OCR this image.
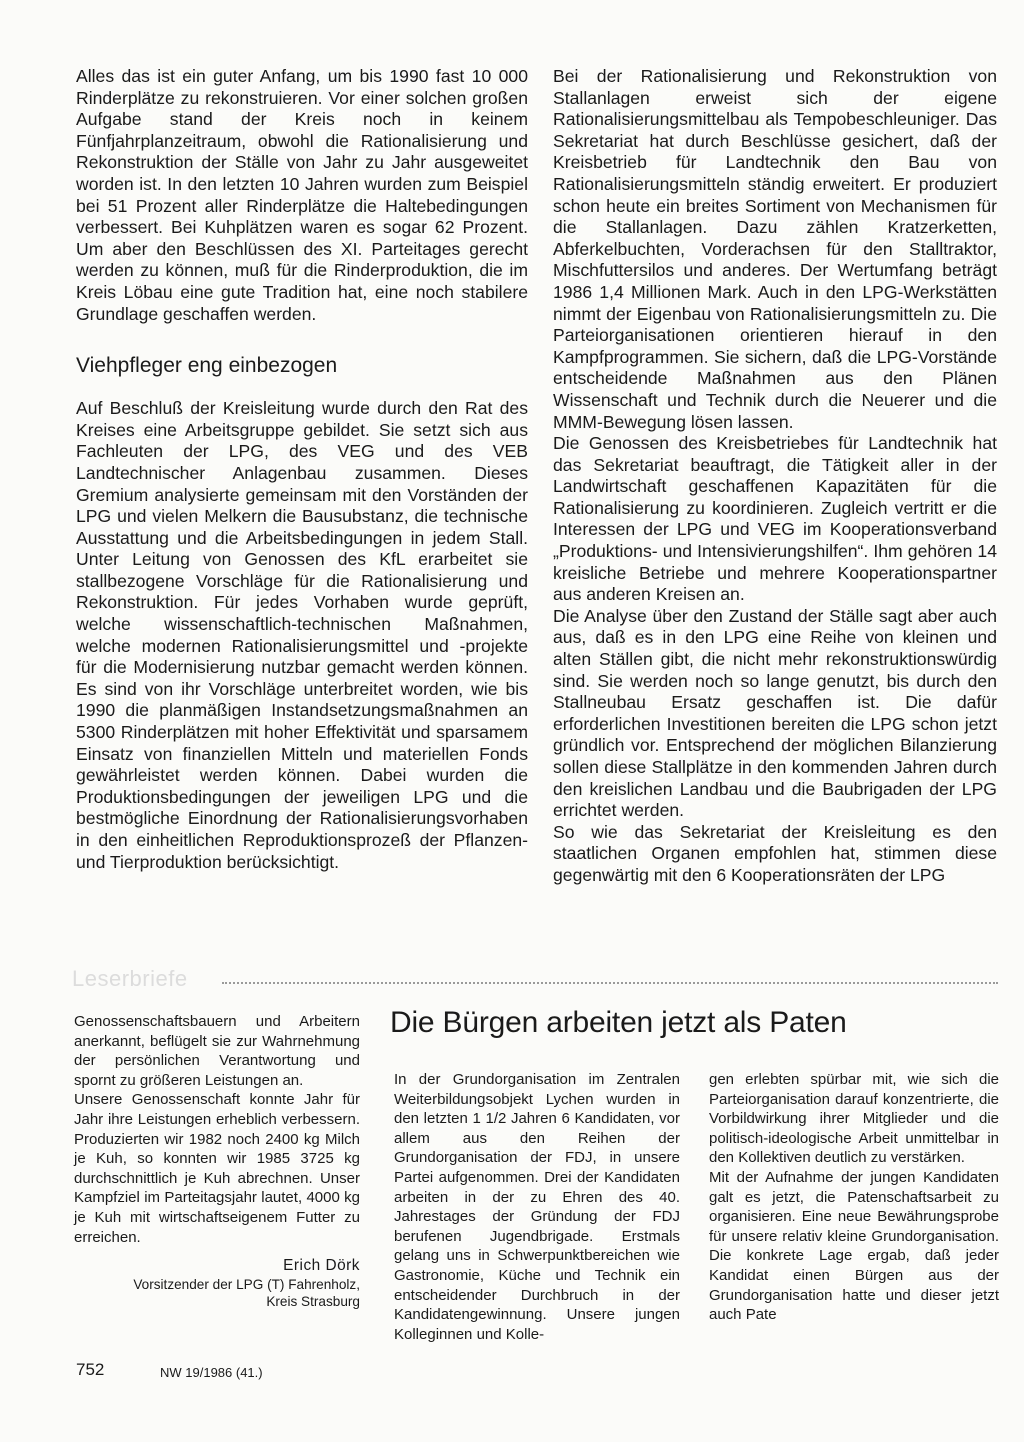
Alles das ist ein guter Anfang, um bis 1990 fast 10 000 Rinderplätze zu rekonstruieren. Vor einer solchen großen Aufgabe stand der Kreis noch in keinem Fünfjahrplanzeitraum, obwohl die Rationalisierung und Rekonstruktion der Ställe von Jahr zu Jahr ausgeweitet worden ist. In den letzten 10 Jahren wurden zum Beispiel bei 51 Prozent aller Rinderplätze die Haltebedingungen verbessert. Bei Kuhplätzen waren es sogar 62 Prozent. Um aber den Beschlüssen des XI. Parteitages gerecht werden zu können, muß für die Rinderproduktion, die im Kreis Löbau eine gute Tradition hat, eine noch stabilere Grundlage geschaffen werden.

Viehpfleger eng einbezogen

Auf Beschluß der Kreisleitung wurde durch den Rat des Kreises eine Arbeitsgruppe gebildet. Sie setzt sich aus Fachleuten der LPG, des VEG und des VEB Landtechnischer Anlagenbau zusammen. Dieses Gremium analysierte gemeinsam mit den Vorständen der LPG und vielen Melkern die Bausubstanz, die technische Ausstattung und die Arbeitsbedingungen in jedem Stall. Unter Leitung von Genossen des KfL erarbeitet sie stallbezogene Vorschläge für die Rationalisierung und Rekonstruktion. Für jedes Vorhaben wurde geprüft, welche wissenschaftlich-technischen Maßnahmen, welche modernen Rationalisierungsmittel und -projekte für die Modernisierung nutzbar gemacht werden können. Es sind von ihr Vorschläge unterbreitet worden, wie bis 1990 die planmäßigen Instandsetzungsmaßnahmen an 5300 Rinderplätzen mit hoher Effektivität und sparsamem Einsatz von finanziellen Mitteln und materiellen Fonds gewährleistet werden können. Dabei wurden die Produktionsbedingungen der jeweiligen LPG und die bestmögliche Einordnung der Rationalisierungsvorhaben in den einheitlichen Reproduktionsprozeß der Pflanzen- und Tierproduktion berücksichtigt.

Bei der Rationalisierung und Rekonstruktion von Stallanlagen erweist sich der eigene Rationalisierungsmittelbau als Tempobeschleuniger. Das Sekretariat hat durch Beschlüsse gesichert, daß der Kreisbetrieb für Landtechnik den Bau von Rationalisierungsmitteln ständig erweitert. Er produziert schon heute ein breites Sortiment von Mechanismen für die Stallanlagen. Dazu zählen Kratzerketten, Abferkelbuchten, Vorderachsen für den Stalltraktor, Mischfuttersilos und anderes. Der Wertumfang beträgt 1986 1,4 Millionen Mark. Auch in den LPG-Werkstätten nimmt der Eigenbau von Rationalisierungsmitteln zu. Die Parteiorganisationen orientieren hierauf in den Kampfprogrammen. Sie sichern, daß die LPG-Vorstände entscheidende Maßnahmen aus den Plänen Wissenschaft und Technik durch die Neuerer und die MMM-Bewegung lösen lassen.

Die Genossen des Kreisbetriebes für Landtechnik hat das Sekretariat beauftragt, die Tätigkeit aller in der Landwirtschaft geschaffenen Kapazitäten für die Rationalisierung zu koordinieren. Zugleich vertritt er die Interessen der LPG und VEG im Kooperationsverband „Produktions- und Intensivierungshilfen“. Ihm gehören 14 kreisliche Betriebe und mehrere Kooperationspartner aus anderen Kreisen an.

Die Analyse über den Zustand der Ställe sagt aber auch aus, daß es in den LPG eine Reihe von kleinen und alten Ställen gibt, die nicht mehr rekonstruktionswürdig sind. Sie werden noch so lange genutzt, bis durch den Stallneubau Ersatz geschaffen ist. Die dafür erforderlichen Investitionen bereiten die LPG schon jetzt gründlich vor. Entsprechend der möglichen Bilanzierung sollen diese Stallplätze in den kommenden Jahren durch den kreislichen Landbau und die Baubrigaden der LPG errichtet werden.

So wie das Sekretariat der Kreisleitung es den staatlichen Organen empfohlen hat, stimmen diese gegenwärtig mit den 6 Kooperationsräten der LPG

Leserbriefe

Genossenschaftsbauern und Arbeitern anerkannt, beflügelt sie zur Wahrnehmung der persönlichen Verantwortung und spornt zu größeren Leistungen an.

Unsere Genossenschaft konnte Jahr für Jahr ihre Leistungen erheblich verbessern. Produzierten wir 1982 noch 2400 kg Milch je Kuh, so konnten wir 1985 3725 kg durchschnittlich je Kuh abrechnen. Unser Kampfziel im Parteitagsjahr lautet, 4000 kg je Kuh mit wirtschaftseigenem Futter zu erreichen.

Erich Dörk

Vorsitzender der LPG (T) Fahrenholz,

Kreis Strasburg

Die Bürgen arbeiten jetzt als Paten

In der Grundorganisation im Zentralen Weiterbildungsobjekt Lychen wurden in den letzten 1 1/2 Jahren 6 Kandidaten, vor allem aus den Reihen der Grundorganisation der FDJ, in unsere Partei aufgenommen. Drei der Kandidaten arbeiten in der zu Ehren des 40. Jahrestages der Gründung der FDJ berufenen Jugendbrigade. Erstmals gelang uns in Schwerpunktbereichen wie Gastronomie, Küche und Technik ein entscheidender Durchbruch in der Kandidatengewinnung. Unsere jungen Kolleginnen und Kolle-

gen erlebten spürbar mit, wie sich die Parteiorganisation darauf konzentrierte, die Vorbildwirkung ihrer Mitglieder und die politisch-ideologische Arbeit unmittelbar in den Kollektiven deutlich zu verstärken.

Mit der Aufnahme der jungen Kandidaten galt es jetzt, die Patenschaftsarbeit zu organisieren. Eine neue Bewährungsprobe für unsere relativ kleine Grundorganisation. Die konkrete Lage ergab, daß jeder Kandidat einen Bürgen aus der Grundorganisation hatte und dieser jetzt auch Pate

752	NW 19/1986 (41.)
